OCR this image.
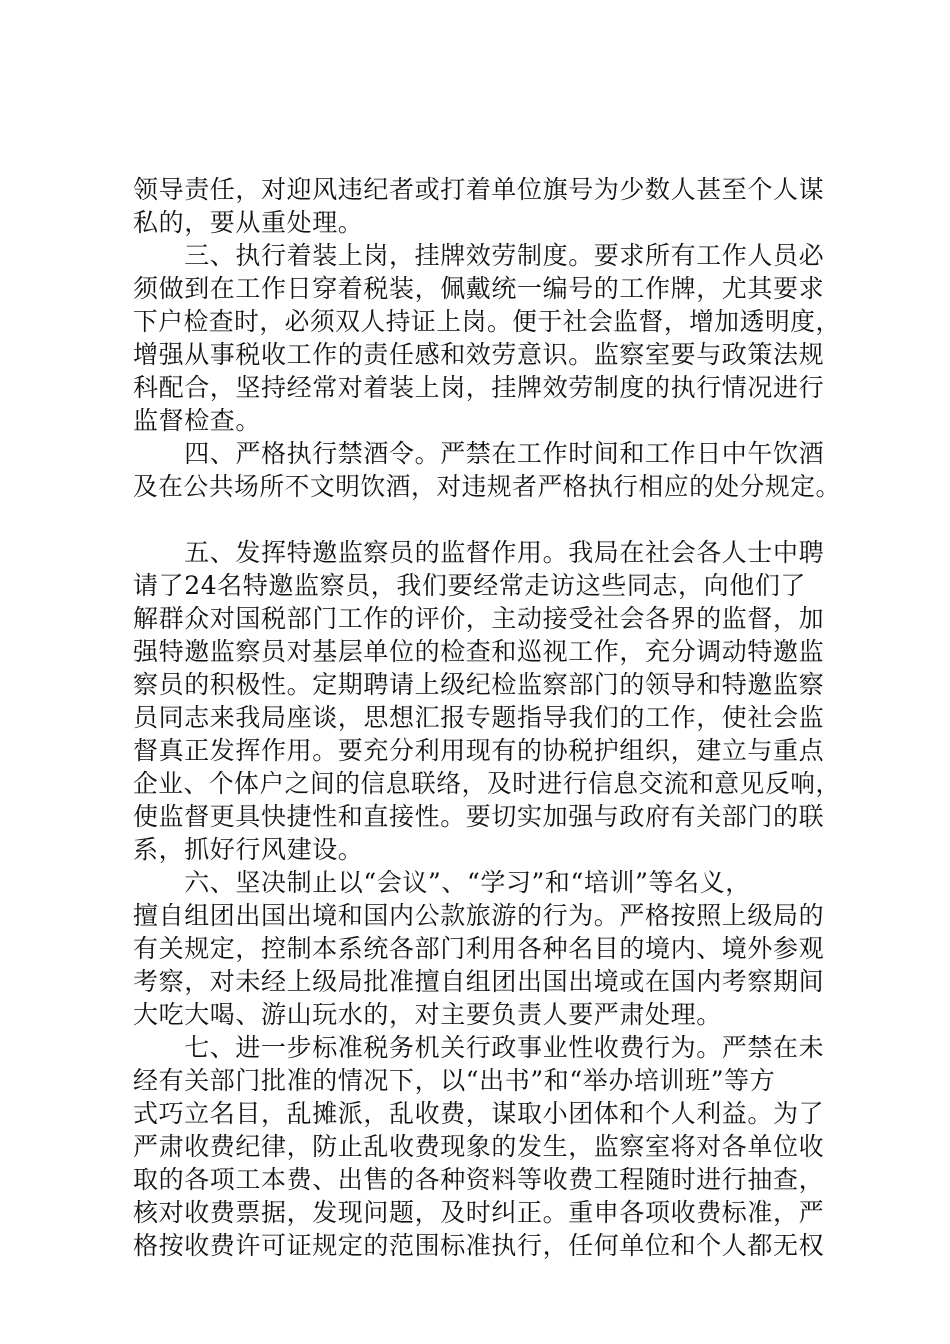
领导责任，对迎风违纪者或打着单位旗号为少数人甚至个人谋
私的，要从重处理。
　　三、执行着装上岗，挂牌效劳制度。要求所有工作人员必
须做到在工作日穿着税装，佩戴统一编号的工作牌，尤其要求
下户检查时，必须双人持证上岗。便于社会监督，增加透明度，
增强从事税收工作的责任感和效劳意识。监察室要与政策法规
科配合，坚持经常对着装上岗，挂牌效劳制度的执行情况进行
监督检查。
　　四、严格执行禁酒令。严禁在工作时间和工作日中午饮酒
及在公共场所不文明饮酒，对违规者严格执行相应的处分规定。
　　五、发挥特邀监察员的监督作用。我局在社会各人士中聘
请了24名特邀监察员，我们要经常走访这些同志，向他们了
解群众对国税部门工作的评价，主动接受社会各界的监督，加
强特邀监察员对基层单位的检查和巡视工作，充分调动特邀监
察员的积极性。定期聘请上级纪检监察部门的领导和特邀监察
员同志来我局座谈，思想汇报专题指导我们的工作，使社会监
督真正发挥作用。要充分利用现有的协税护组织，建立与重点
企业、个体户之间的信息联络，及时进行信息交流和意见反响，
使监督更具快捷性和直接性。要切实加强与政府有关部门的联
系，抓好行风建设。
　　六、坚决制止以“会议”、“学习”和“培训”等名义，
擅自组团出国出境和国内公款旅游的行为。严格按照上级局的
有关规定，控制本系统各部门利用各种名目的境内、境外参观
考察，对未经上级局批准擅自组团出国出境或在国内考察期间
大吃大喝、游山玩水的，对主要负责人要严肃处理。
　　七、进一步标准税务机关行政事业性收费行为。严禁在未
经有关部门批准的情况下，以“出书”和“举办培训班”等方
式巧立名目，乱摊派，乱收费，谋取小团体和个人利益。为了
严肃收费纪律，防止乱收费现象的发生，监察室将对各单位收
取的各项工本费、出售的各种资料等收费工程随时进行抽查，
核对收费票据，发现问题，及时纠正。重申各项收费标准，严
格按收费许可证规定的范围标准执行，任何单位和个人都无权
